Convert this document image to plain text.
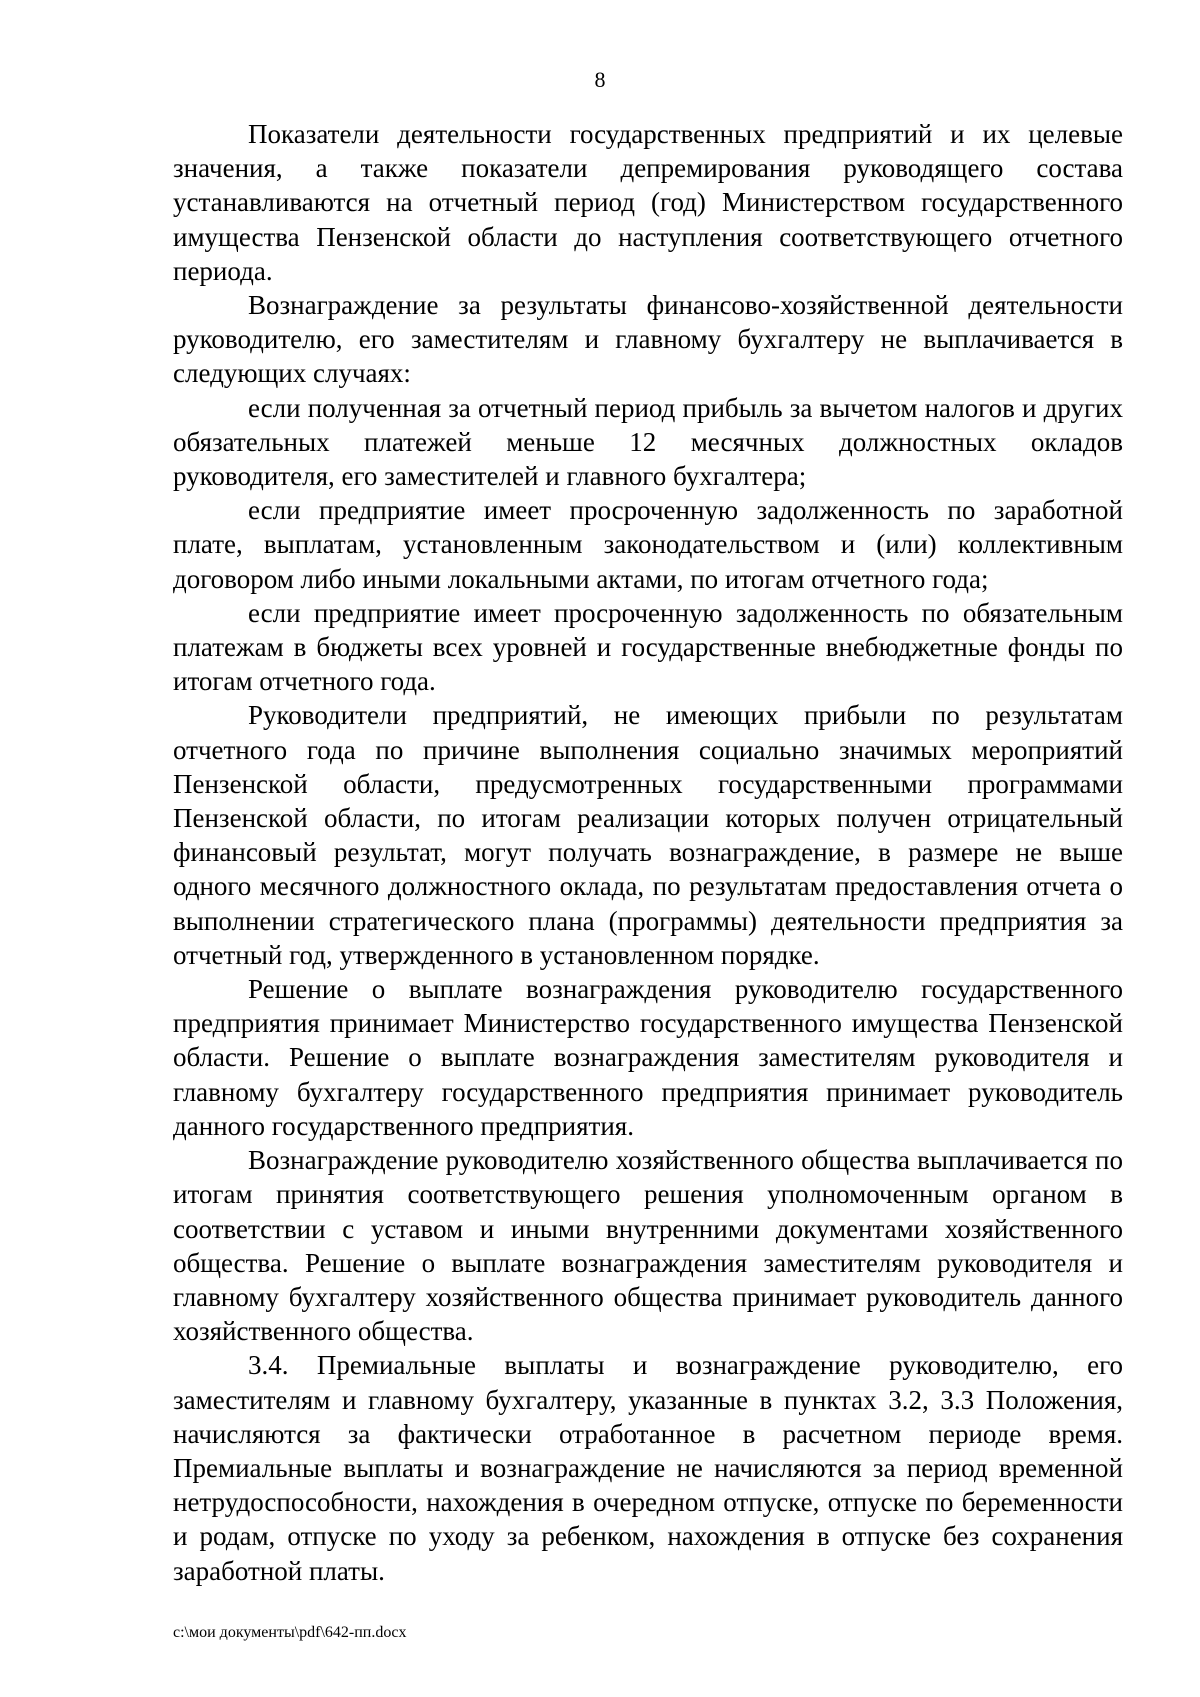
8

Показатели деятельности государственных предприятий и их целевые значения, а также показатели депремирования руководящего состава устанавливаются на отчетный период (год) Министерством государственного имущества Пензенской области до наступления соответствующего отчетного периода.

Вознаграждение за результаты финансово-хозяйственной деятельности руководителю, его заместителям и главному бухгалтеру не выплачивается в следующих случаях:

если полученная за отчетный период прибыль за вычетом налогов и других обязательных платежей меньше 12 месячных должностных окладов руководителя, его заместителей и главного бухгалтера;

если предприятие имеет просроченную задолженность по заработной плате, выплатам, установленным законодательством и (или) коллективным договором либо иными локальными актами, по итогам отчетного года;

если предприятие имеет просроченную задолженность по обязательным платежам в бюджеты всех уровней и государственные внебюджетные фонды по итогам отчетного года.

Руководители предприятий, не имеющих прибыли по результатам отчетного года по причине выполнения социально значимых мероприятий Пензенской области, предусмотренных государственными программами Пензенской области, по итогам реализации которых получен отрицательный финансовый результат, могут получать вознаграждение, в размере не выше одного месячного должностного оклада, по результатам предоставления отчета о выполнении стратегического плана (программы) деятельности предприятия за отчетный год, утвержденного в установленном порядке.

Решение о выплате вознаграждения руководителю государственного предприятия принимает Министерство государственного имущества Пензенской области. Решение о выплате вознаграждения заместителям руководителя и главному бухгалтеру государственного предприятия принимает руководитель данного государственного предприятия.

Вознаграждение руководителю хозяйственного общества выплачивается по итогам принятия соответствующего решения уполномоченным органом в соответствии с уставом и иными внутренними документами хозяйственного общества. Решение о выплате вознаграждения заместителям руководителя и главному бухгалтеру хозяйственного общества принимает руководитель данного хозяйственного общества.

3.4. Премиальные выплаты и вознаграждение руководителю, его заместителям и главному бухгалтеру, указанные в пунктах 3.2, 3.3 Положения, начисляются за фактически отработанное в расчетном периоде время. Премиальные выплаты и вознаграждение не начисляются за период временной нетрудоспособности, нахождения в очередном отпуске, отпуске по беременности и родам, отпуске по уходу за ребенком, нахождения в отпуске без сохранения заработной платы.

c:\мои документы\pdf\642-пп.docx
